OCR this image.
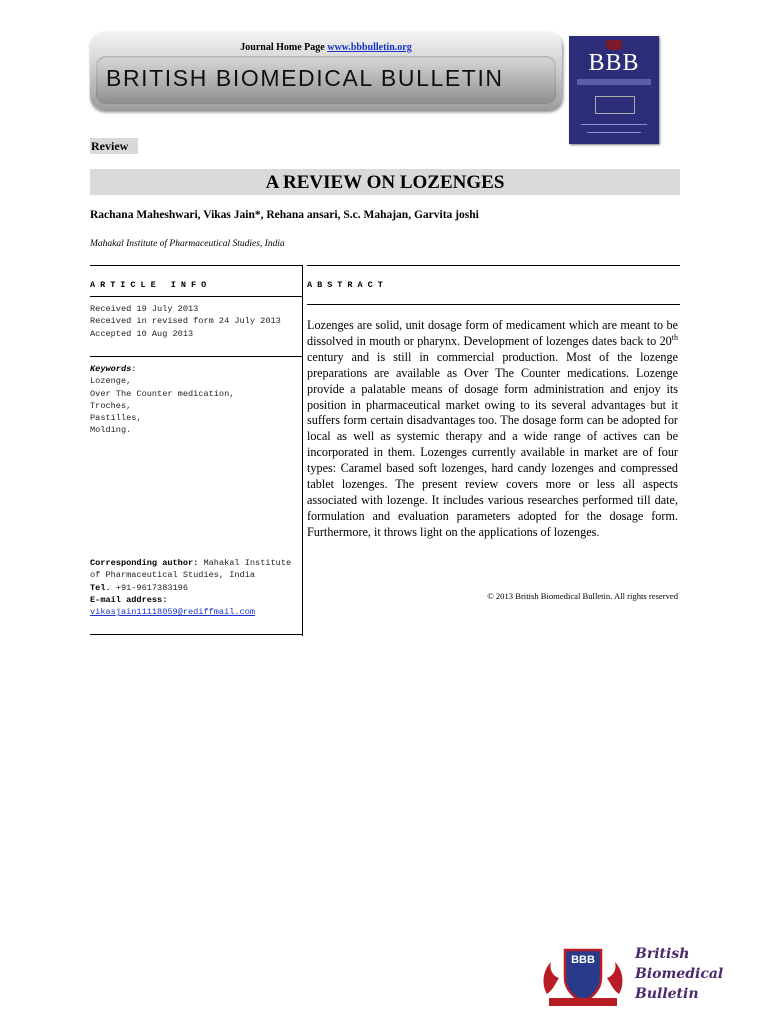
Journal Home Page www.bbbulletin.org
BRITISH BIOMEDICAL BULLETIN
BBB
Review
A REVIEW ON LOZENGES
Rachana Maheshwari, Vikas Jain*, Rehana ansari, S.c. Mahajan, Garvita joshi
Mahakal Institute of Pharmaceutical Studies, India
ARTICLE INFO
Received 19 July 2013
Received in revised form 24 July 2013
Accepted 10 Aug 2013
Keywords:
Lozenge,
Over The Counter medication,
Troches,
Pastilles,
Molding.
Corresponding author: Mahakal Institute
of Pharmaceutical Studies, India
Tel. +91-9617383196
E-mail address:
vikasjain11118059@rediffmail.com
ABSTRACT
Lozenges are solid, unit dosage form of medicament which are meant to be dissolved in mouth or pharynx. Development of lozenges dates back to 20th century and is still in commercial production. Most of the lozenge preparations are available as Over The Counter medications. Lozenge provide a palatable means of dosage form administration and enjoy its position in pharmaceutical market owing to its several advantages but it suffers form certain disadvantages too. The dosage form can be adopted for local as well as systemic therapy and a wide range of actives can be incorporated in them. Lozenges currently available in market are of four types: Caramel based soft lozenges, hard candy lozenges and compressed tablet lozenges. The present review covers more or less all aspects associated with lozenge. It includes various researches performed till date, formulation and evaluation parameters adopted for the dosage form. Furthermore, it throws light on the applications of lozenges.
© 2013 British Biomedical Bulletin. All rights reserved
BBB	British
Biomedical
Bulletin
